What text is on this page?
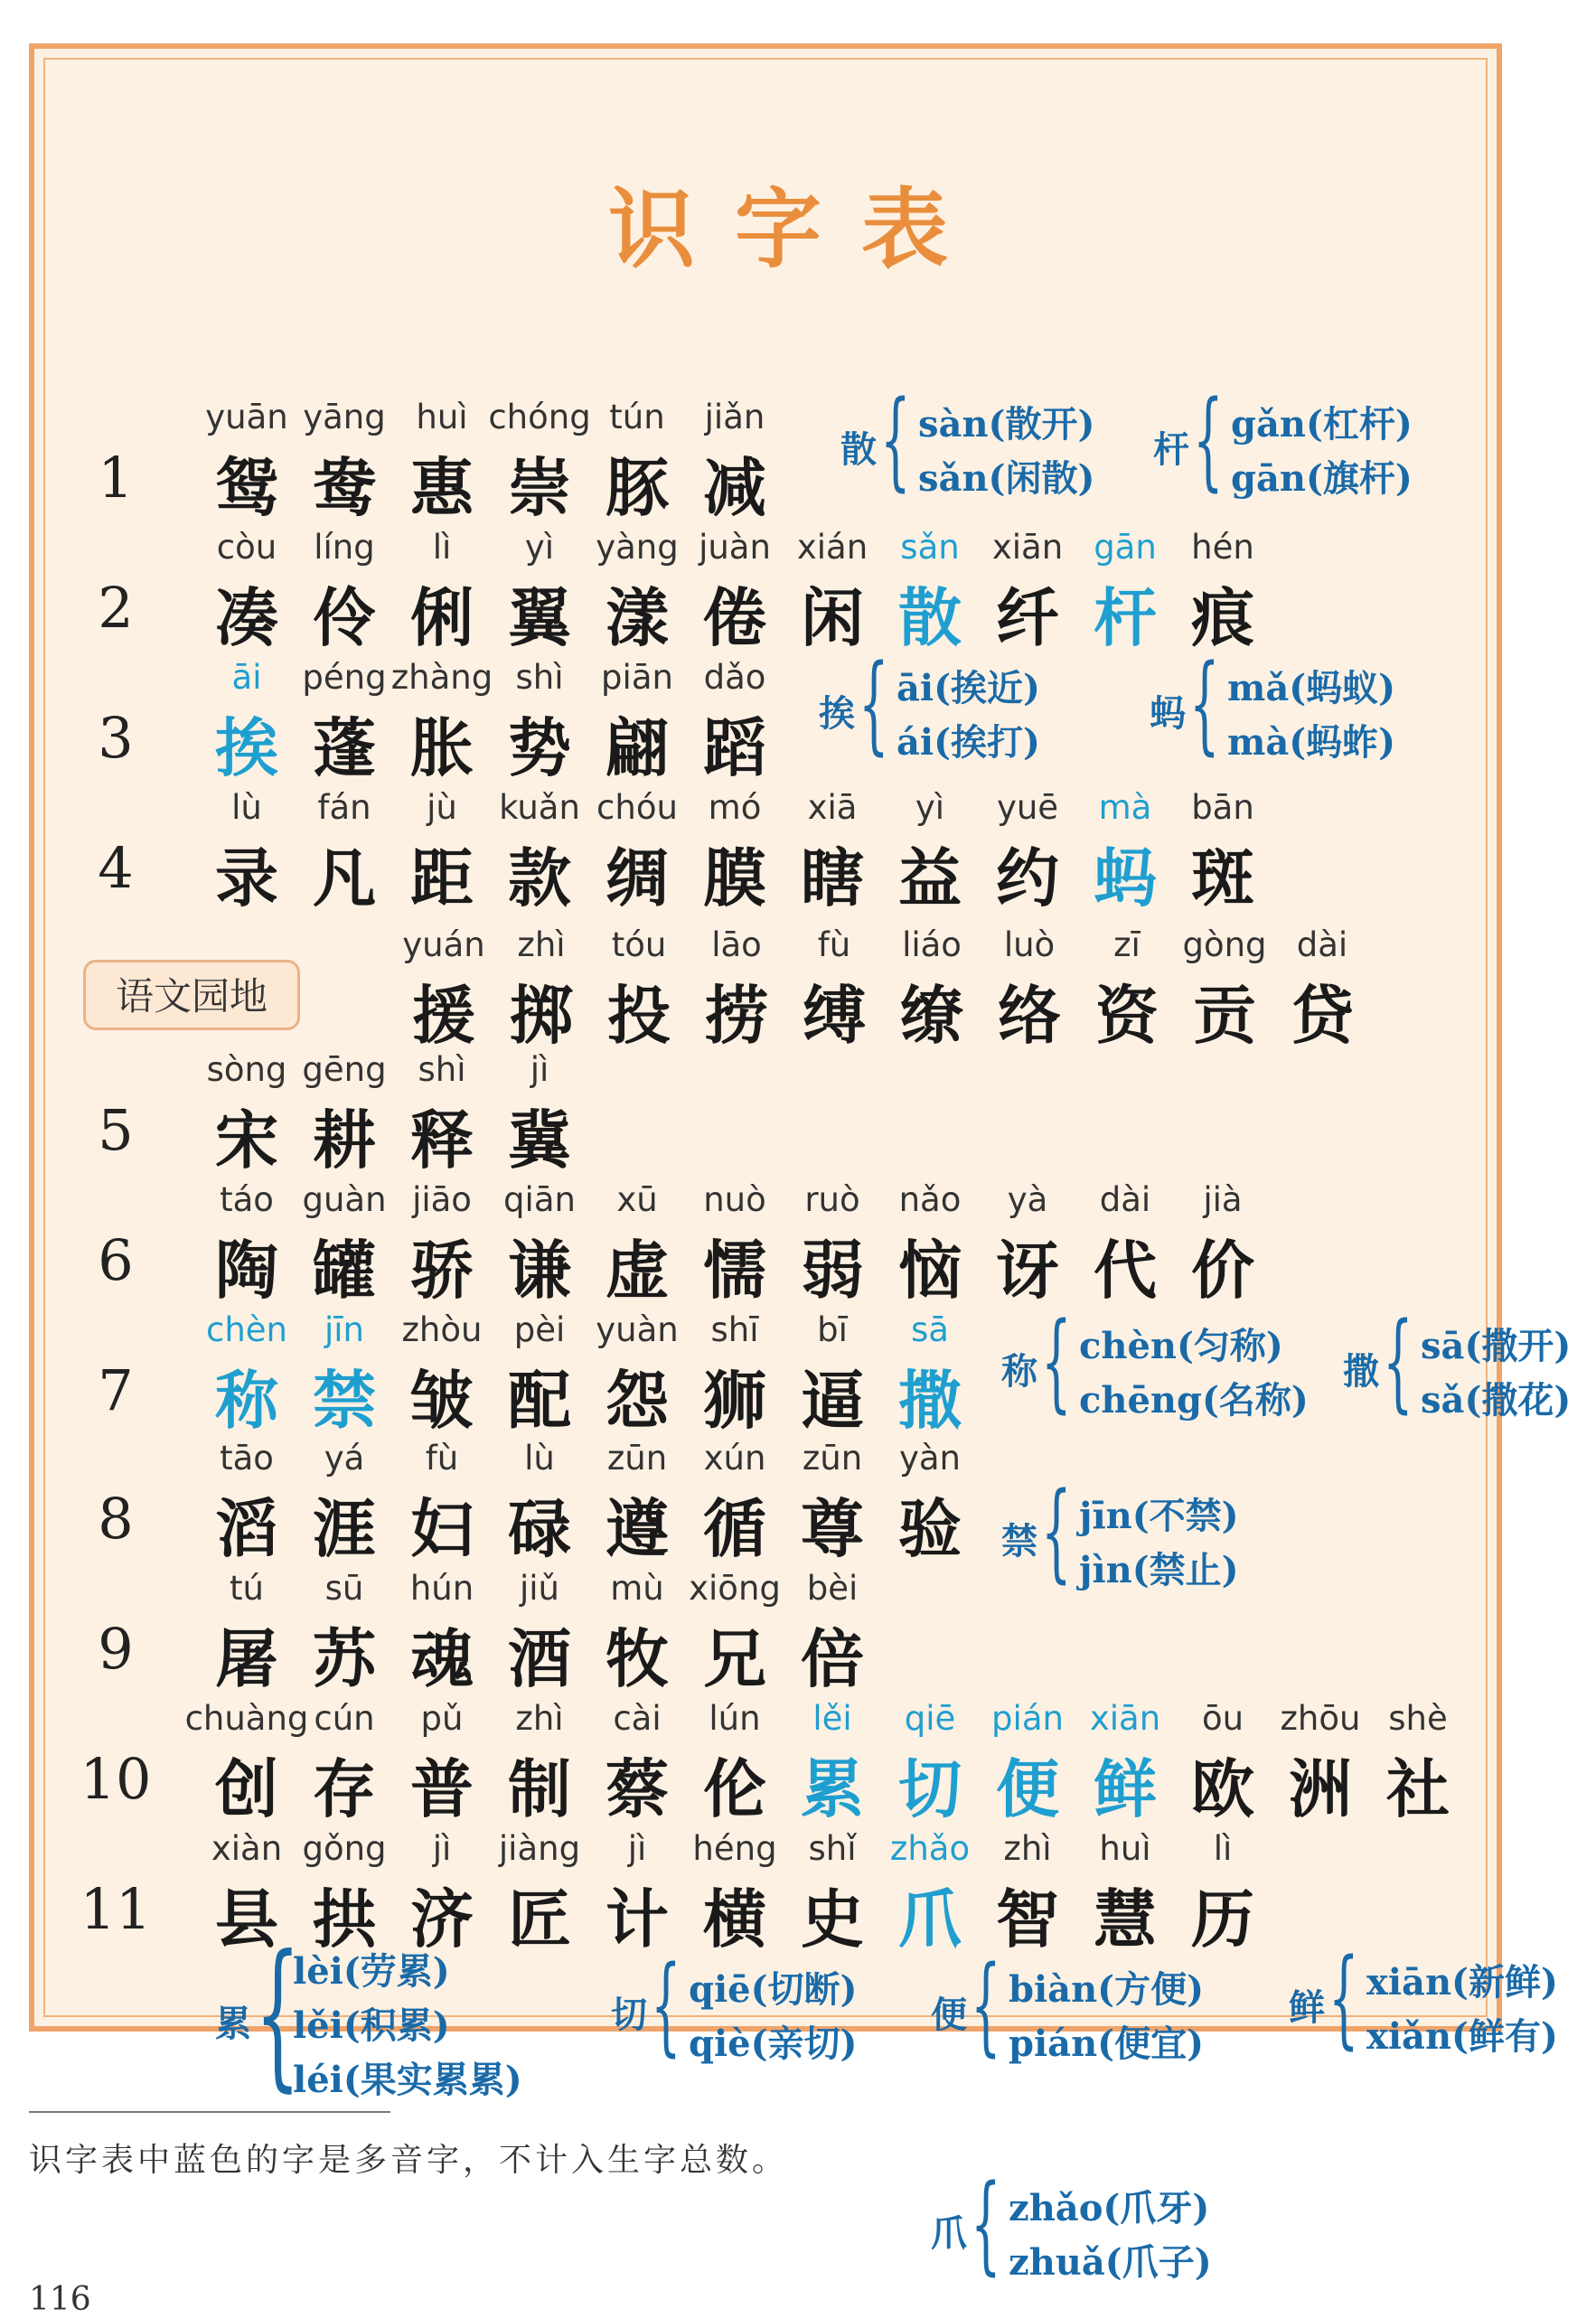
识字表
语文园地
1
yuān
鸳
yāng
鸯
huì
惠
chóng
崇
tún
豚
jiǎn
减
2
còu
凑
líng
伶
lì
俐
yì
翼
yàng
漾
juàn
倦
xián
闲
sǎn
散
xiān
纤
gān
杆
hén
痕
3
āi
挨
péng
蓬
zhàng
胀
shì
势
piān
翩
dǎo
蹈
4
lù
录
fán
凡
jù
距
kuǎn
款
chóu
绸
mó
膜
xiā
瞎
yì
益
yuē
约
mà
蚂
bān
斑
yuán
援
zhì
掷
tóu
投
lāo
捞
fù
缚
liáo
缭
luò
络
zī
资
gòng
贡
dài
贷
5
sòng
宋
gēng
耕
shì
释
jì
冀
6
táo
陶
guàn
罐
jiāo
骄
qiān
谦
xū
虚
nuò
懦
ruò
弱
nǎo
恼
yà
讶
dài
代
jià
价
7
chèn
称
jīn
禁
zhòu
皱
pèi
配
yuàn
怨
shī
狮
bī
逼
sā
撒
8
tāo
滔
yá
涯
fù
妇
lù
碌
zūn
遵
xún
循
zūn
尊
yàn
验
9
tú
屠
sū
苏
hún
魂
jiǔ
酒
mù
牧
xiōng
兄
bèi
倍
10
chuàng
创
cún
存
pǔ
普
zhì
制
cài
蔡
lún
伦
lěi
累
qiē
切
pián
便
xiān
鲜
ōu
欧
zhōu
洲
shè
社
11
xiàn
县
gǒng
拱
jì
济
jiàng
匠
jì
计
héng
横
shǐ
史
zhǎo
爪
zhì
智
huì
慧
lì
历
散 { sàn(散开)
sǎn(闲散)
杆 { gǎn(杠杆)
gān(旗杆)
挨 { āi(挨近)
ái(挨打)
蚂 { mǎ(蚂蚁)
mà(蚂蚱)
称 { chèn(匀称)
chēng(名称)
撒 { sā(撒开)
sǎ(撒花)
禁 { jīn(不禁)
jìn(禁止)
累 {
lèi(劳累)
lěi(积累)
léi(果实累累)
切 { qiē(切断)
qiè(亲切)
便 { biàn(方便)
pián(便宜)
鲜 { xiān(新鲜)
xiǎn(鲜有)
爪 { zhǎo(爪牙)
zhuǎ(爪子)
识字表中蓝色的字是多音字，不计入生字总数。
116
